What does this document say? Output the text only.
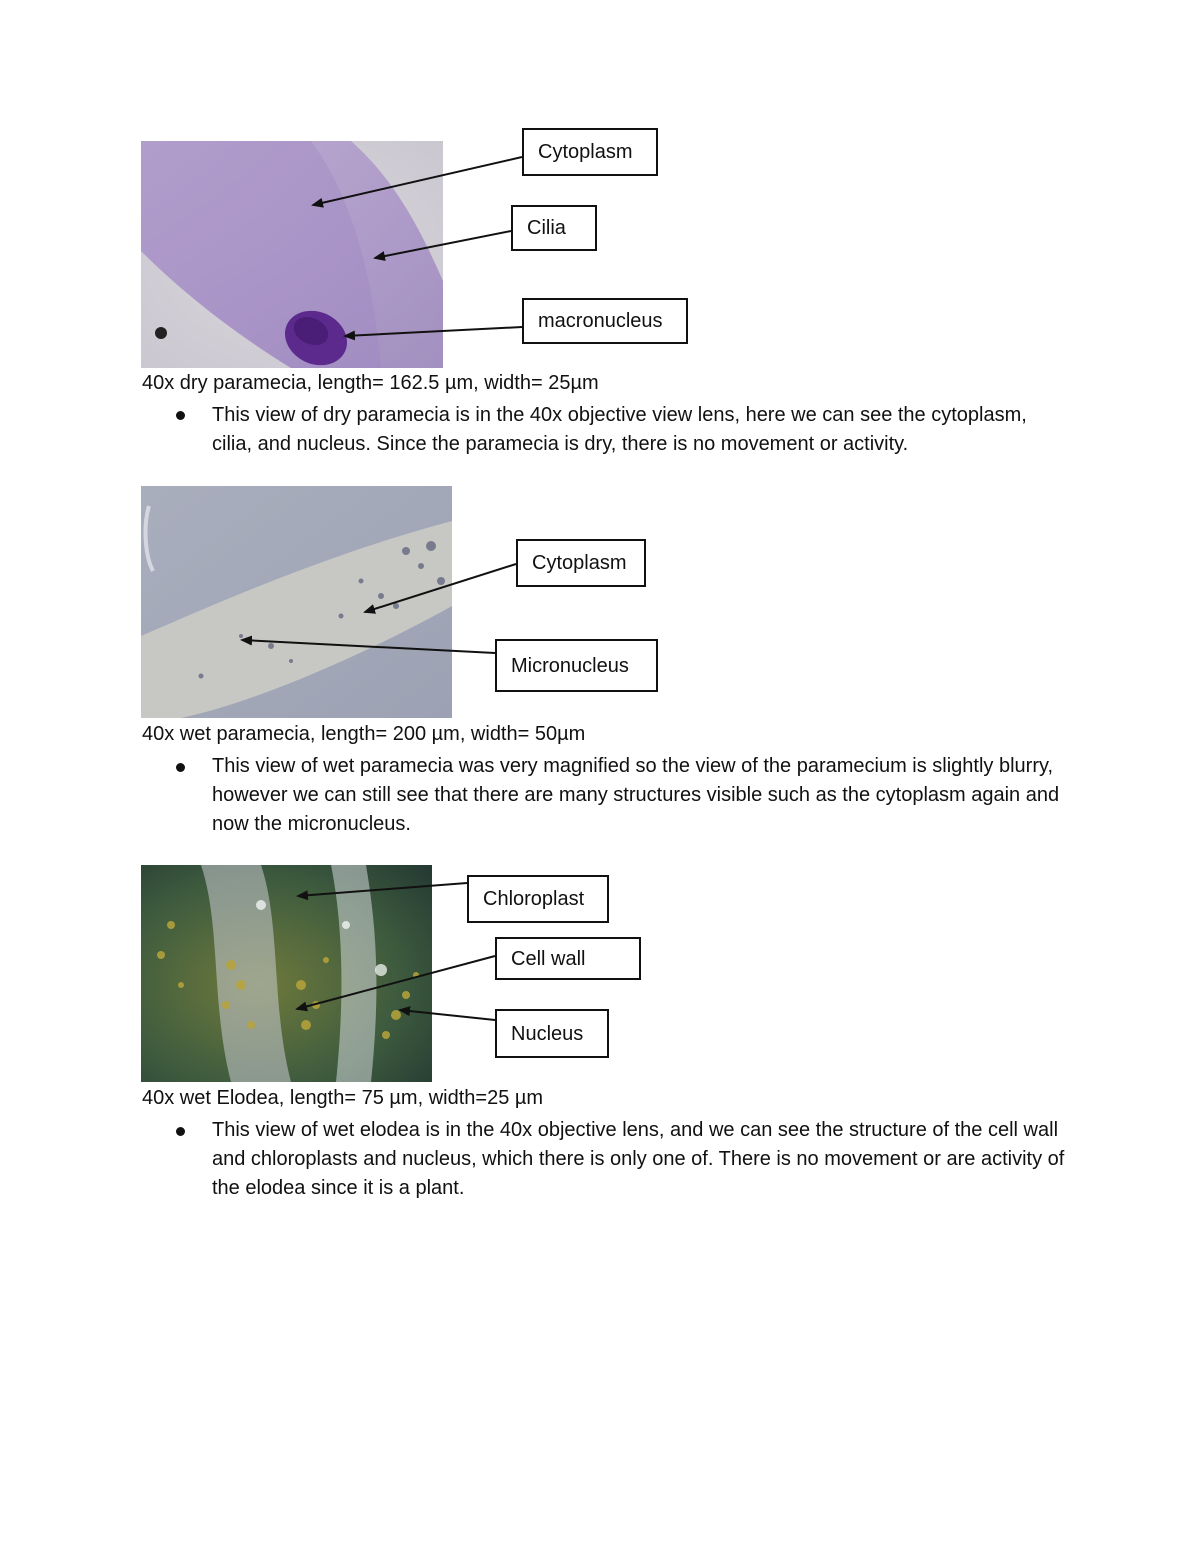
Cytoplasm
Cilia
macronucleus
40x dry paramecia, length= 162.5 µm, width= 25µm
This view of dry paramecia is in the 40x objective view lens, here we can see the cytoplasm, cilia, and nucleus. Since the paramecia is dry, there is no movement or activity.
Cytoplasm
Micronucleus
40x wet paramecia, length= 200 µm, width= 50µm
This view of wet paramecia was very magnified so the view of the paramecium is slightly blurry, however we can still see that there are many structures visible such as the cytoplasm again and now the micronucleus.
Chloroplast
Cell wall
Nucleus
40x wet Elodea, length= 75 µm, width=25 µm
This view of wet elodea is in the 40x objective lens, and we can see the structure of the cell wall and chloroplasts and nucleus, which there is only one of. There is no movement or are activity of the elodea since it is a plant.
